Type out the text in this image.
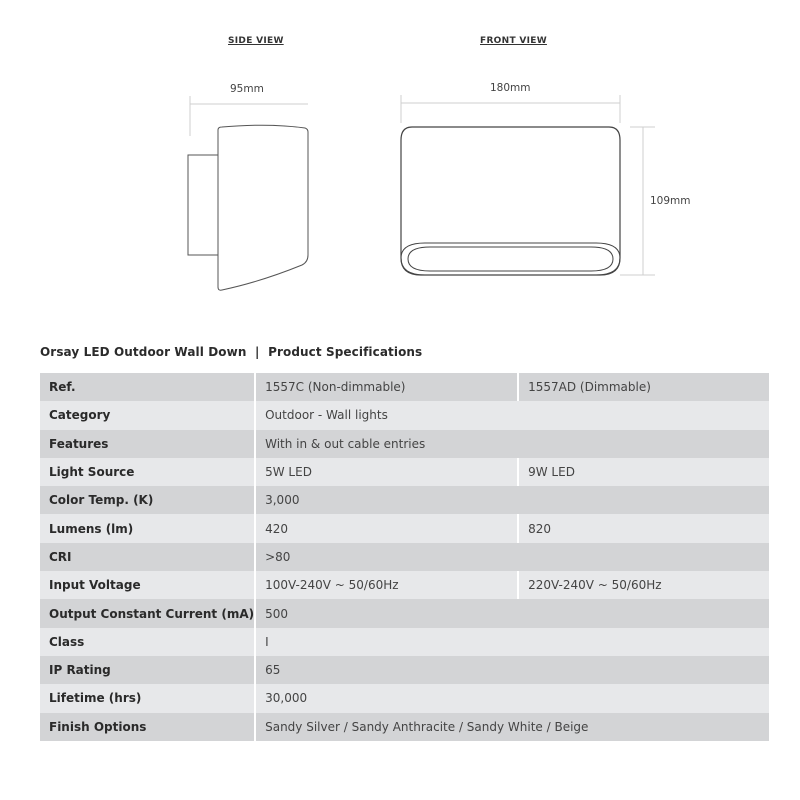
SIDE VIEW	FRONT VIEW
95mm	180mm
109mm
Orsay LED Outdoor Wall Down  |  Product Specifications
Ref.	1557C (Non-dimmable)	1557AD (Dimmable)
Category	Outdoor - Wall lights	
Features	With in & out cable entries	
Light Source	5W LED	9W LED
Color Temp. (K)	3,000	
Lumens (lm)	420	820
CRI	>80	
Input Voltage	100V-240V ~ 50/60Hz	220V-240V ~ 50/60Hz
Output Constant Current (mA)	500	
Class	I	
IP Rating	65	
Lifetime (hrs)	30,000	
Finish Options	Sandy Silver / Sandy Anthracite / Sandy White / Beige	
